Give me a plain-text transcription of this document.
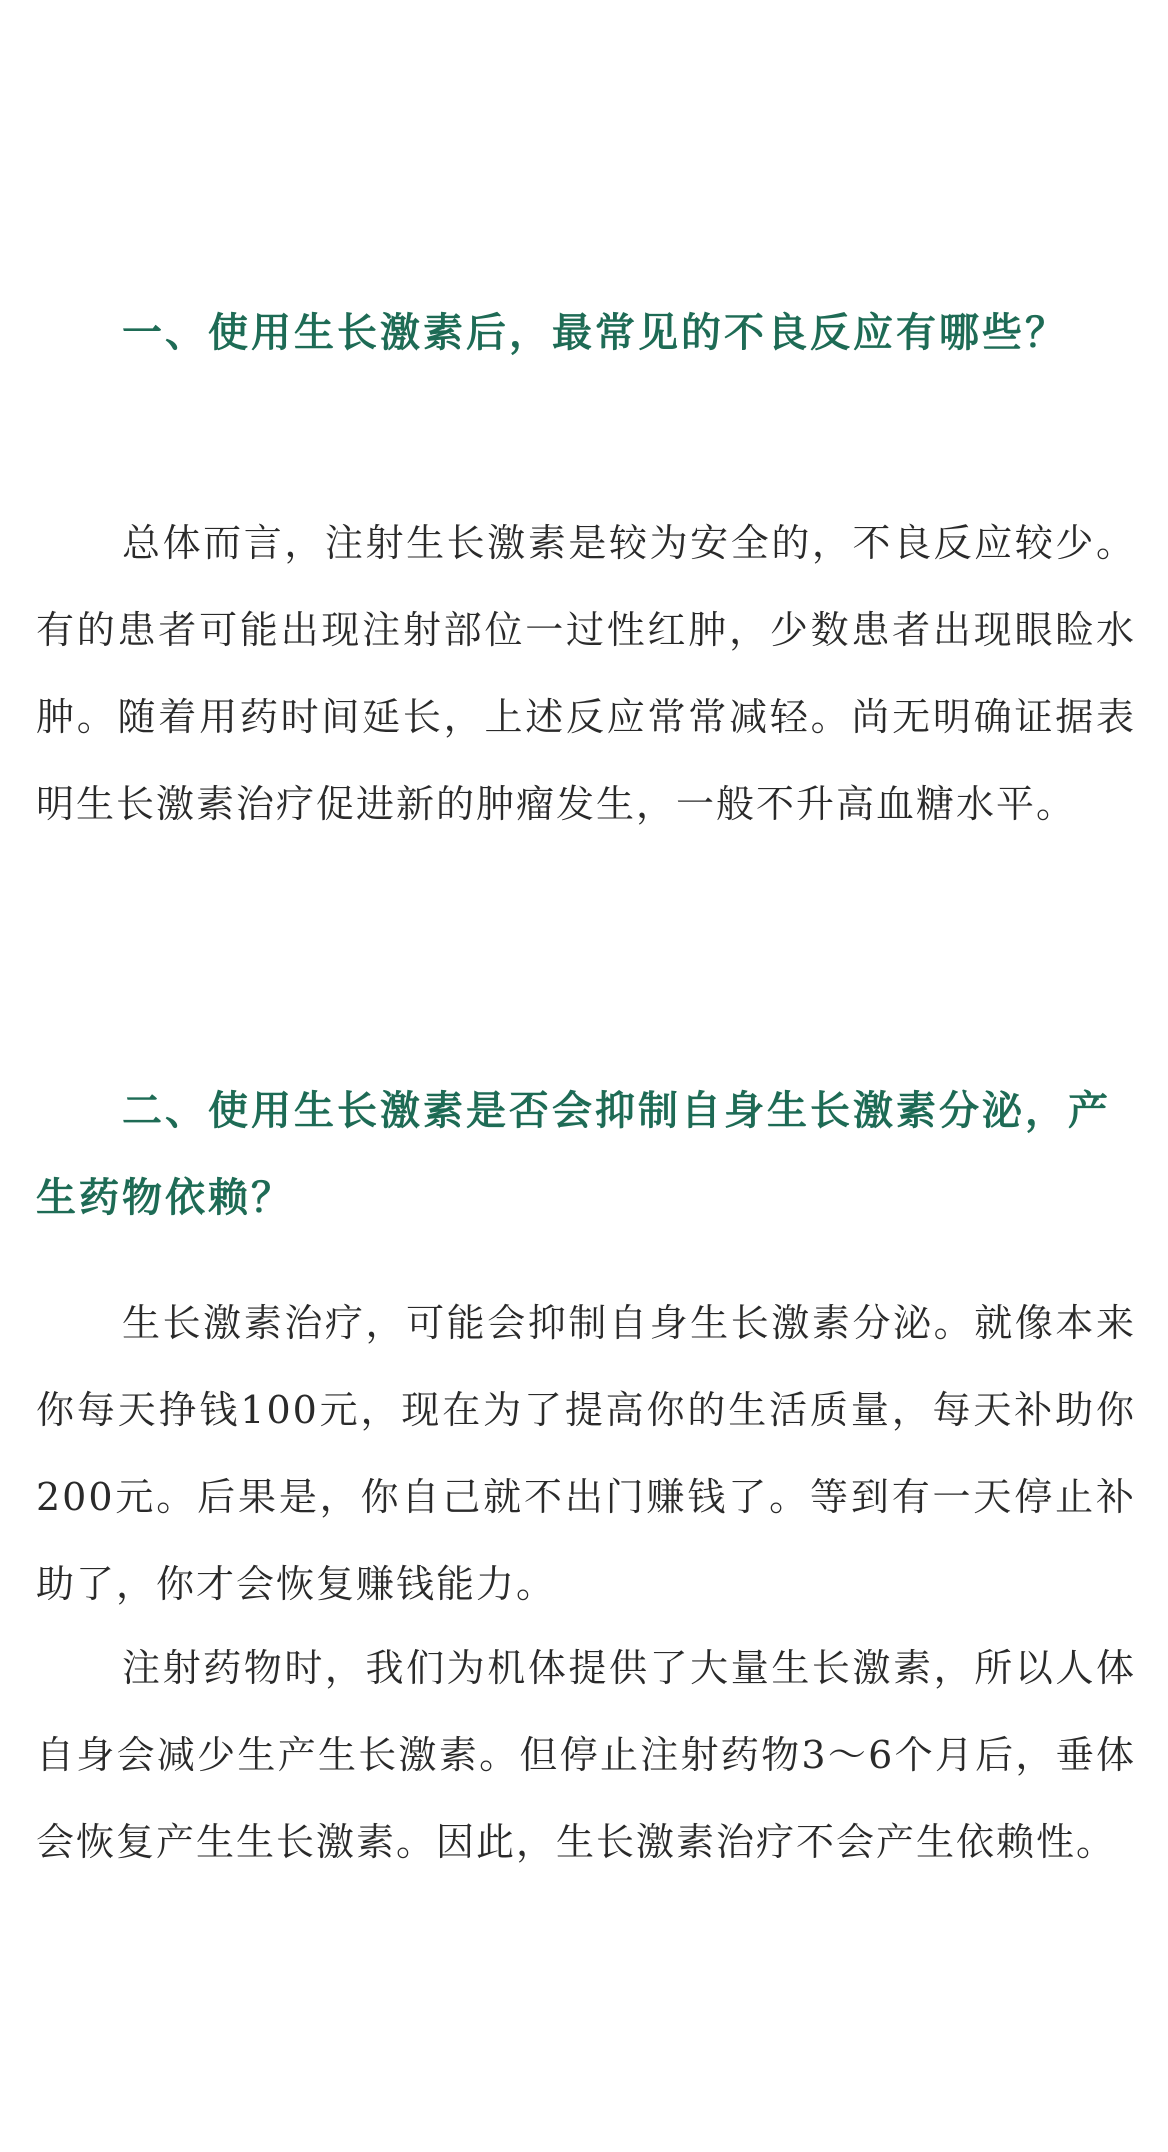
一、使用生长激素后，最常见的不良反应有哪些？

总体而言，注射生长激素是较为安全的，不良反应较少。有的患者可能出现注射部位一过性红肿，少数患者出现眼睑水肿。随着用药时间延长，上述反应常常减轻。尚无明确证据表明生长激素治疗促进新的肿瘤发生，一般不升高血糖水平。

二、使用生长激素是否会抑制自身生长激素分泌，产生药物依赖？

生长激素治疗，可能会抑制自身生长激素分泌。就像本来你每天挣钱100元，现在为了提高你的生活质量，每天补助你200元。后果是，你自己就不出门赚钱了。等到有一天停止补助了，你才会恢复赚钱能力。

注射药物时，我们为机体提供了大量生长激素，所以人体自身会减少生产生长激素。但停止注射药物3～6个月后，垂体会恢复产生生长激素。因此，生长激素治疗不会产生依赖性。
